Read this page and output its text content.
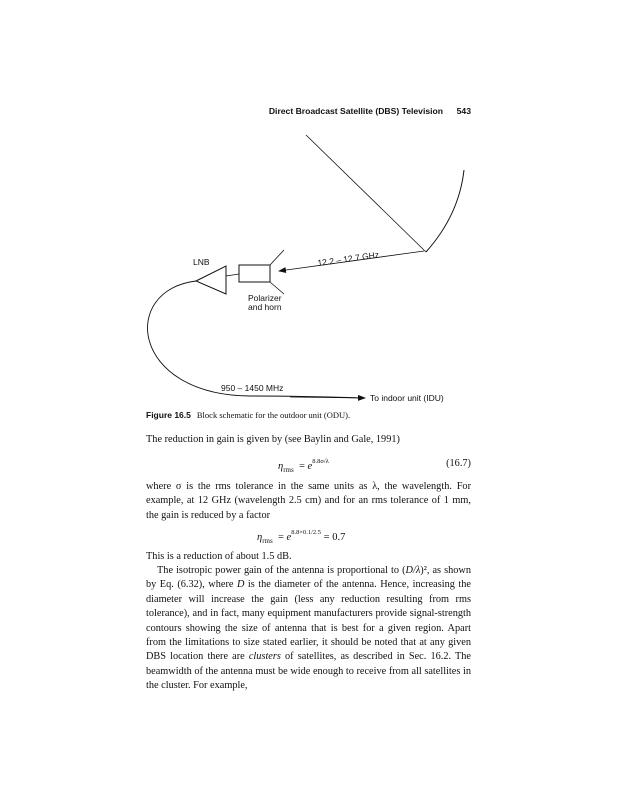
Direct Broadcast Satellite (DBS) Television 543
LNB	12.2 – 12.7 GHz
Polarizer
and horn
950 – 1450 MHz
To indoor unit (IDU)
Figure 16.5 Block schematic for the outdoor unit (ODU).

The reduction in gain is given by (see Baylin and Gale, 1991)

$\eta_{rms} = e^{8.8\sigma/\lambda}$	(16.7)

where σ is the rms tolerance in the same units as λ, the wavelength. For example, at 12 GHz (wavelength 2.5 cm) and for an rms tolerance of 1 mm, the gain is reduced by a factor

$\eta_{rms} = e^{8.8\times 0.1/2.5} = 0.7$

This is a reduction of about 1.5 dB.

The isotropic power gain of the antenna is proportional to (D/λ)², as shown by Eq. (6.32), where D is the diameter of the antenna. Hence, increasing the diameter will increase the gain (less any reduction resulting from rms tolerance), and in fact, many equipment manufacturers provide signal-strength contours showing the size of antenna that is best for a given region. Apart from the limitations to size stated earlier, it should be noted that at any given DBS location there are clusters of satellites, as described in Sec. 16.2. The beamwidth of the antenna must be wide enough to receive from all satellites in the cluster. For example,
